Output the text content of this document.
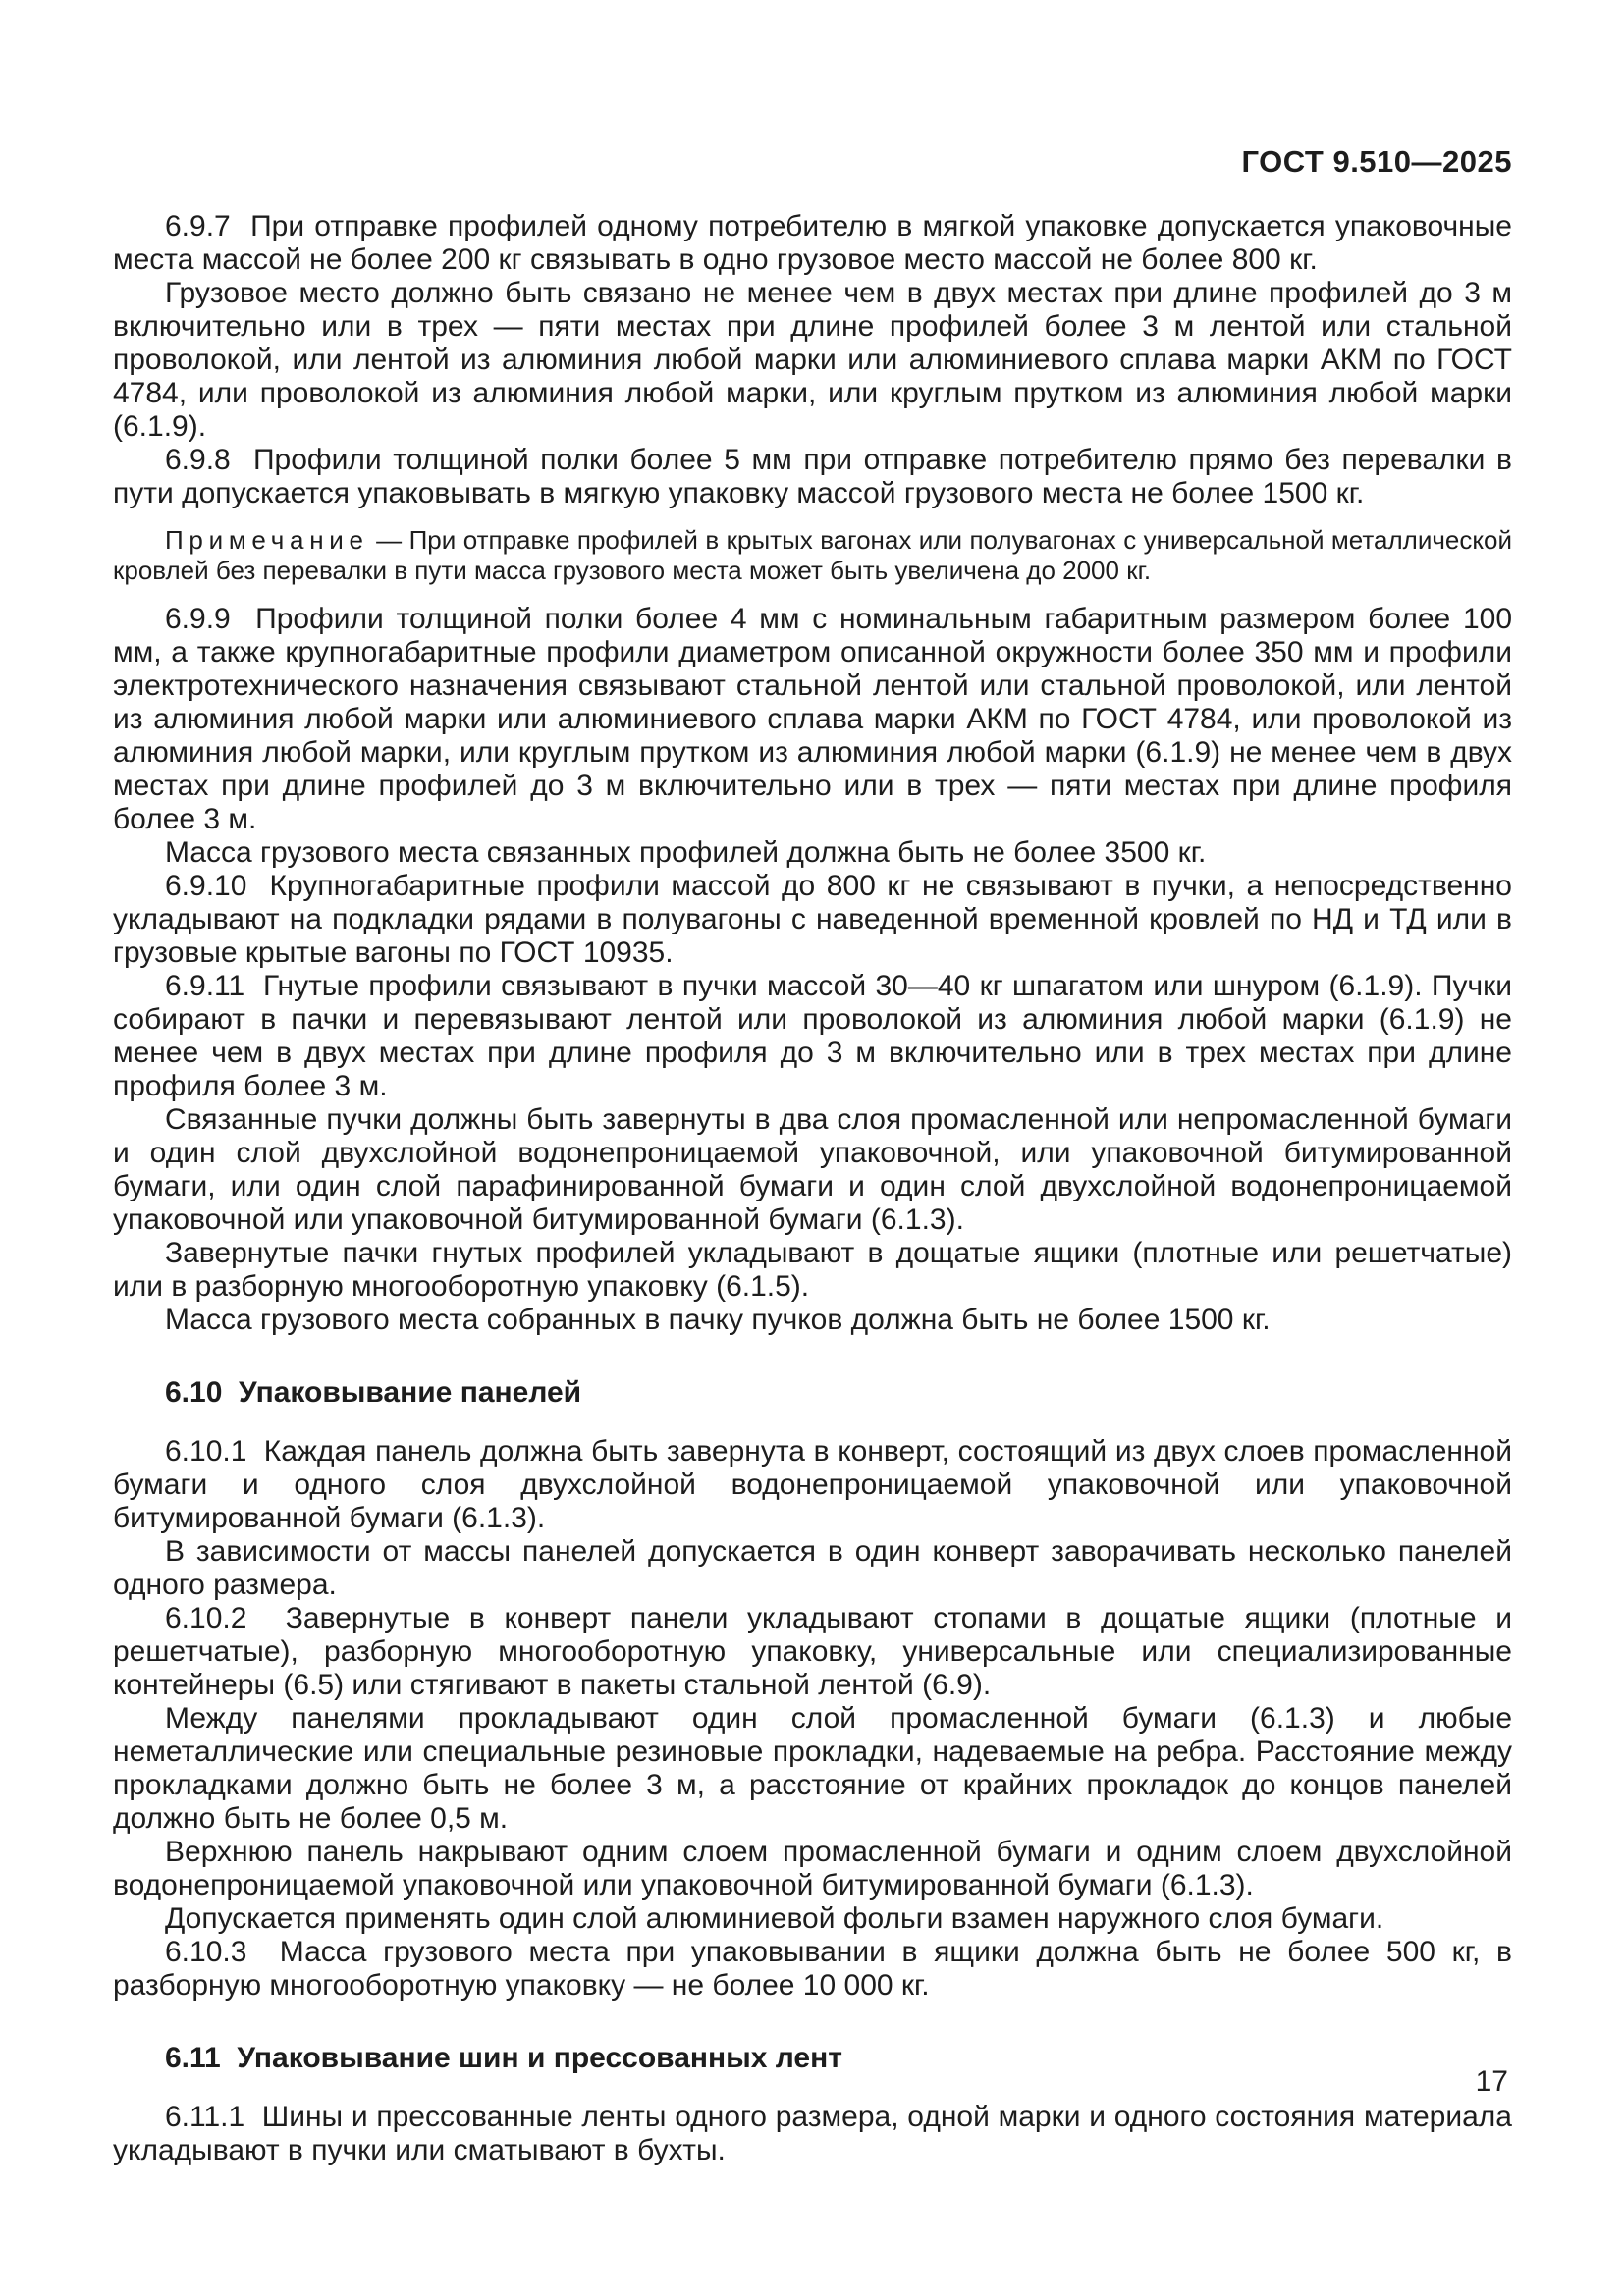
ГОСТ 9.510—2025

6.9.7  При отправке профилей одному потребителю в мягкой упаковке допускается упаковочные места массой не более 200 кг связывать в одно грузовое место массой не более 800 кг.

Грузовое место должно быть связано не менее чем в двух местах при длине профилей до 3 м включительно или в трех — пяти местах при длине профилей более 3 м лентой или стальной проволокой, или лентой из алюминия любой марки или алюминиевого сплава марки АКМ по ГОСТ 4784, или проволокой из алюминия любой марки, или круглым прутком из алюминия любой марки (6.1.9).

6.9.8  Профили толщиной полки более 5 мм при отправке потребителю прямо без перевалки в пути допускается упаковывать в мягкую упаковку массой грузового места не более 1500 кг.

Примечание — При отправке профилей в крытых вагонах или полувагонах с универсальной металлической кровлей без перевалки в пути масса грузового места может быть увеличена до 2000 кг.

6.9.9  Профили толщиной полки более 4 мм с номинальным габаритным размером более 100 мм, а также крупногабаритные профили диаметром описанной окружности более 350 мм и профили электротехнического назначения связывают стальной лентой или стальной проволокой, или лентой из алюминия любой марки или алюминиевого сплава марки АКМ по ГОСТ 4784, или проволокой из алюминия любой марки, или круглым прутком из алюминия любой марки (6.1.9) не менее чем в двух местах при длине профилей до 3 м включительно или в трех — пяти местах при длине профиля более 3 м.

Масса грузового места связанных профилей должна быть не более 3500 кг.

6.9.10  Крупногабаритные профили массой до 800 кг не связывают в пучки, а непосредственно укладывают на подкладки рядами в полувагоны с наведенной временной кровлей по НД и ТД или в грузовые крытые вагоны по ГОСТ 10935.

6.9.11  Гнутые профили связывают в пучки массой 30—40 кг шпагатом или шнуром (6.1.9). Пучки собирают в пачки и перевязывают лентой или проволокой из алюминия любой марки (6.1.9) не менее чем в двух местах при длине профиля до 3 м включительно или в трех местах при длине профиля более 3 м.

Связанные пучки должны быть завернуты в два слоя промасленной или непромасленной бумаги и один слой двухслойной водонепроницаемой упаковочной, или упаковочной битумированной бумаги, или один слой парафинированной бумаги и один слой двухслойной водонепроницаемой упаковочной или упаковочной битумированной бумаги (6.1.3).

Завернутые пачки гнутых профилей укладывают в дощатые ящики (плотные или решетчатые) или в разборную многооборотную упаковку (6.1.5).

Масса грузового места собранных в пачку пучков должна быть не более 1500 кг.

6.10  Упаковывание панелей

6.10.1  Каждая панель должна быть завернута в конверт, состоящий из двух слоев промасленной бумаги и одного слоя двухслойной водонепроницаемой упаковочной или упаковочной битумированной бумаги (6.1.3).

В зависимости от массы панелей допускается в один конверт заворачивать несколько панелей одного размера.

6.10.2  Завернутые в конверт панели укладывают стопами в дощатые ящики (плотные и решетчатые), разборную многооборотную упаковку, универсальные или специализированные контейнеры (6.5) или стягивают в пакеты стальной лентой (6.9).

Между панелями прокладывают один слой промасленной бумаги (6.1.3) и любые неметаллические или специальные резиновые прокладки, надеваемые на ребра. Расстояние между прокладками должно быть не более 3 м, а расстояние от крайних прокладок до концов панелей должно быть не более 0,5 м.

Верхнюю панель накрывают одним слоем промасленной бумаги и одним слоем двухслойной водонепроницаемой упаковочной или упаковочной битумированной бумаги (6.1.3).

Допускается применять один слой алюминиевой фольги взамен наружного слоя бумаги.

6.10.3  Масса грузового места при упаковывании в ящики должна быть не более 500 кг, в разборную многооборотную упаковку — не более 10 000 кг.

6.11  Упаковывание шин и прессованных лент

6.11.1  Шины и прессованные ленты одного размера, одной марки и одного состояния материала укладывают в пучки или сматывают в бухты.

17
